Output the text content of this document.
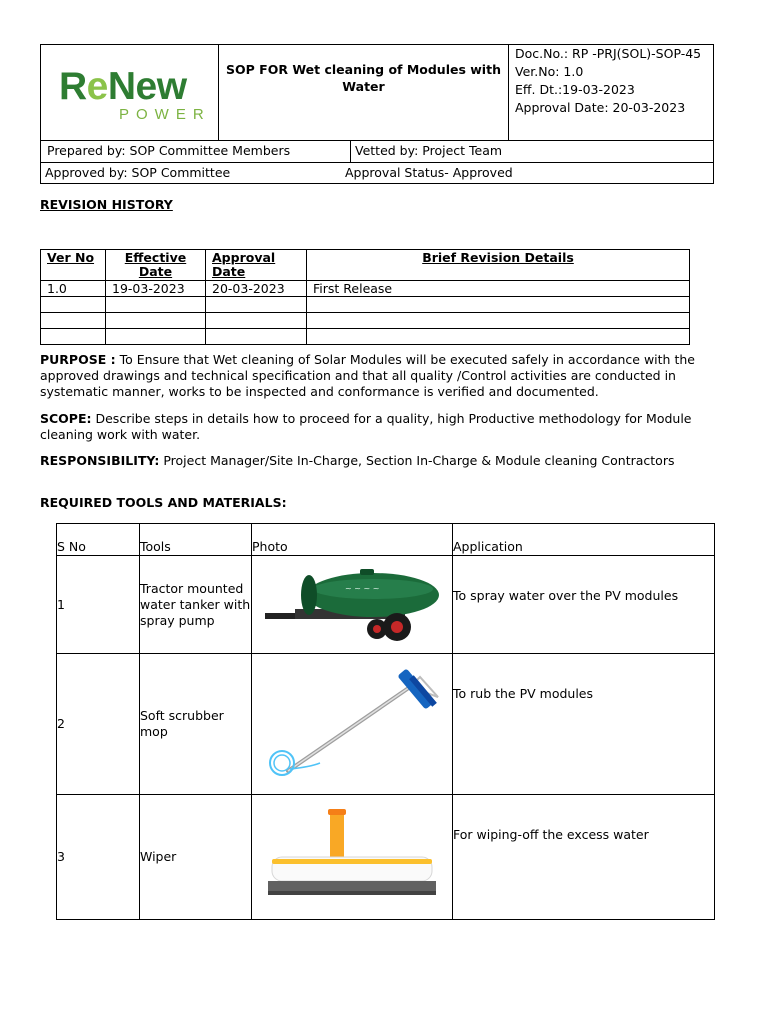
ReNew
POWER
SOP FOR Wet cleaning of Modules with Water
Doc.No.: RP -PRJ(SOL)-SOP-45
Ver.No: 1.0
Eff. Dt.:19-03-2023
Approval Date: 20-03-2023
Prepared by: SOP Committee Members	Vetted by: Project Team
Approved by: SOP Committee	Approval Status- Approved
REVISION HISTORY
Ver No	Effective Date	Approval Date	Brief Revision Details
1.0	19-03-2023	20-03-2023	First Release

PURPOSE : To Ensure that Wet cleaning of Solar Modules will be executed safely in accordance with the approved drawings and technical specification and that all quality /Control activities are conducted in systematic manner, works to be inspected and conformance is verified and documented.
SCOPE: Describe steps in details how to proceed for a quality, high Productive methodology for Module cleaning work with water.
RESPONSIBILITY: Project Manager/Site In-Charge, Section In-Charge & Module cleaning Contractors
REQUIRED TOOLS AND MATERIALS:
S No	Tools	Photo	Application
1	Tractor mounted water tanker with spray pump	~ ~ ~ ~	To spray water over the PV modules
2	Soft scrubber mop		To rub the PV modules
3	Wiper		For wiping-off the excess water
